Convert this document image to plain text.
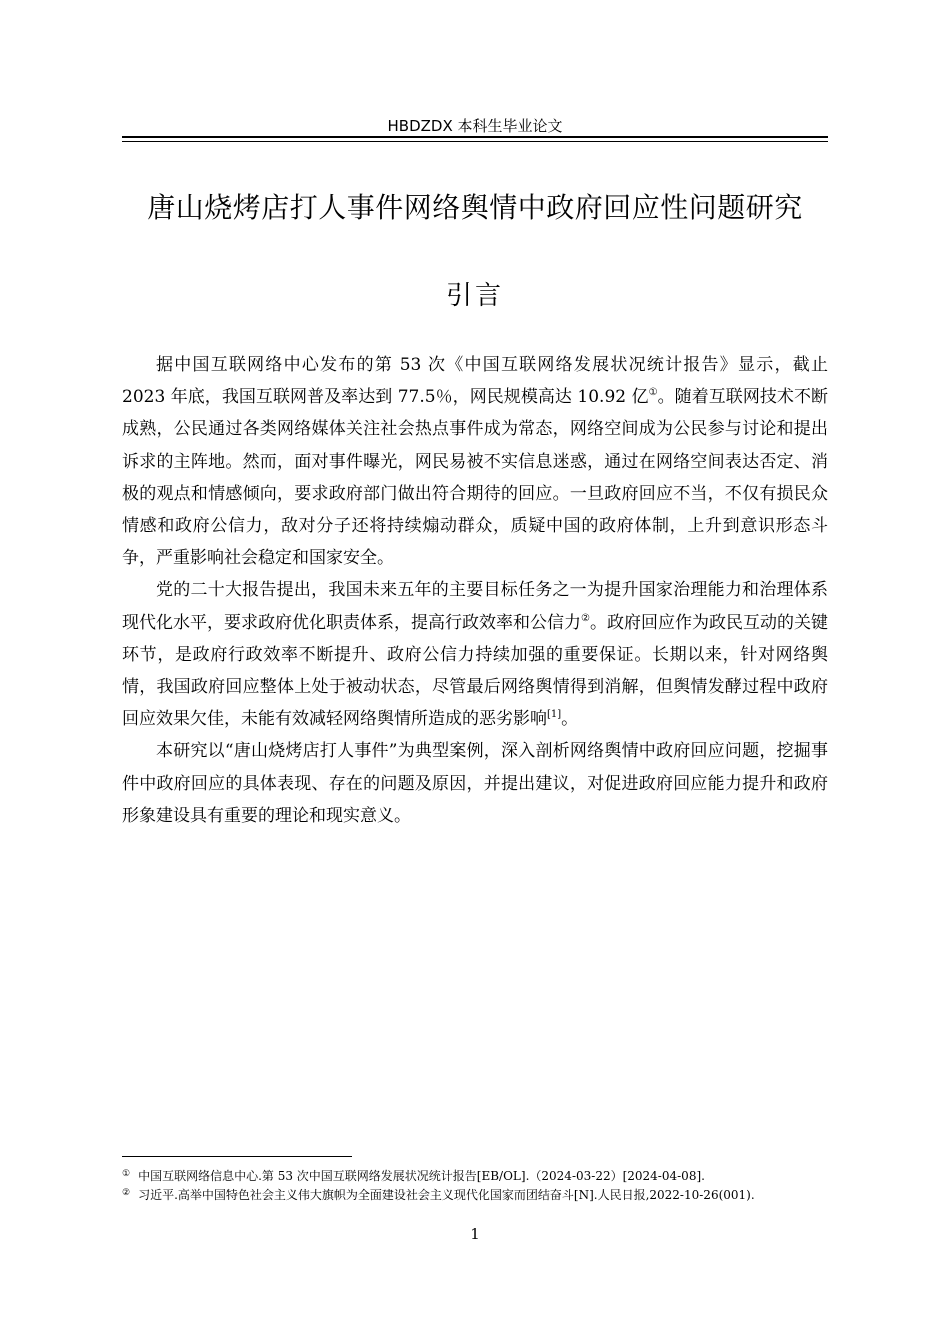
HBDZDX 本科生毕业论文
唐山烧烤店打人事件网络舆情中政府回应性问题研究
引言

据中国互联网络中心发布的第 53 次《中国互联网络发展状况统计报告》显示，截止 2023 年底，我国互联网普及率达到 77.5％，网民规模高达 10.92 亿①。随着互联网技术不断成熟，公民通过各类网络媒体关注社会热点事件成为常态，网络空间成为公民参与讨论和提出诉求的主阵地。然而，面对事件曝光，网民易被不实信息迷惑，通过在网络空间表达否定、消极的观点和情感倾向，要求政府部门做出符合期待的回应。一旦政府回应不当，不仅有损民众情感和政府公信力，敌对分子还将持续煽动群众，质疑中国的政府体制，上升到意识形态斗争，严重影响社会稳定和国家安全。

党的二十大报告提出，我国未来五年的主要目标任务之一为提升国家治理能力和治理体系现代化水平，要求政府优化职责体系，提高行政效率和公信力②。政府回应作为政民互动的关键环节，是政府行政效率不断提升、政府公信力持续加强的重要保证。长期以来，针对网络舆情，我国政府回应整体上处于被动状态，尽管最后网络舆情得到消解，但舆情发酵过程中政府回应效果欠佳，未能有效减轻网络舆情所造成的恶劣影响[1]。

本研究以“唐山烧烤店打人事件”为典型案例，深入剖析网络舆情中政府回应问题，挖掘事件中政府回应的具体表现、存在的问题及原因，并提出建议，对促进政府回应能力提升和政府形象建设具有重要的理论和现实意义。

① 中国互联网络信息中心.第 53 次中国互联网络发展状况统计报告[EB/OL].（2024-03-22）[2024-04-08].

② 习近平.高举中国特色社会主义伟大旗帜为全面建设社会主义现代化国家而团结奋斗[N].人民日报,2022-10-26(001).

1
